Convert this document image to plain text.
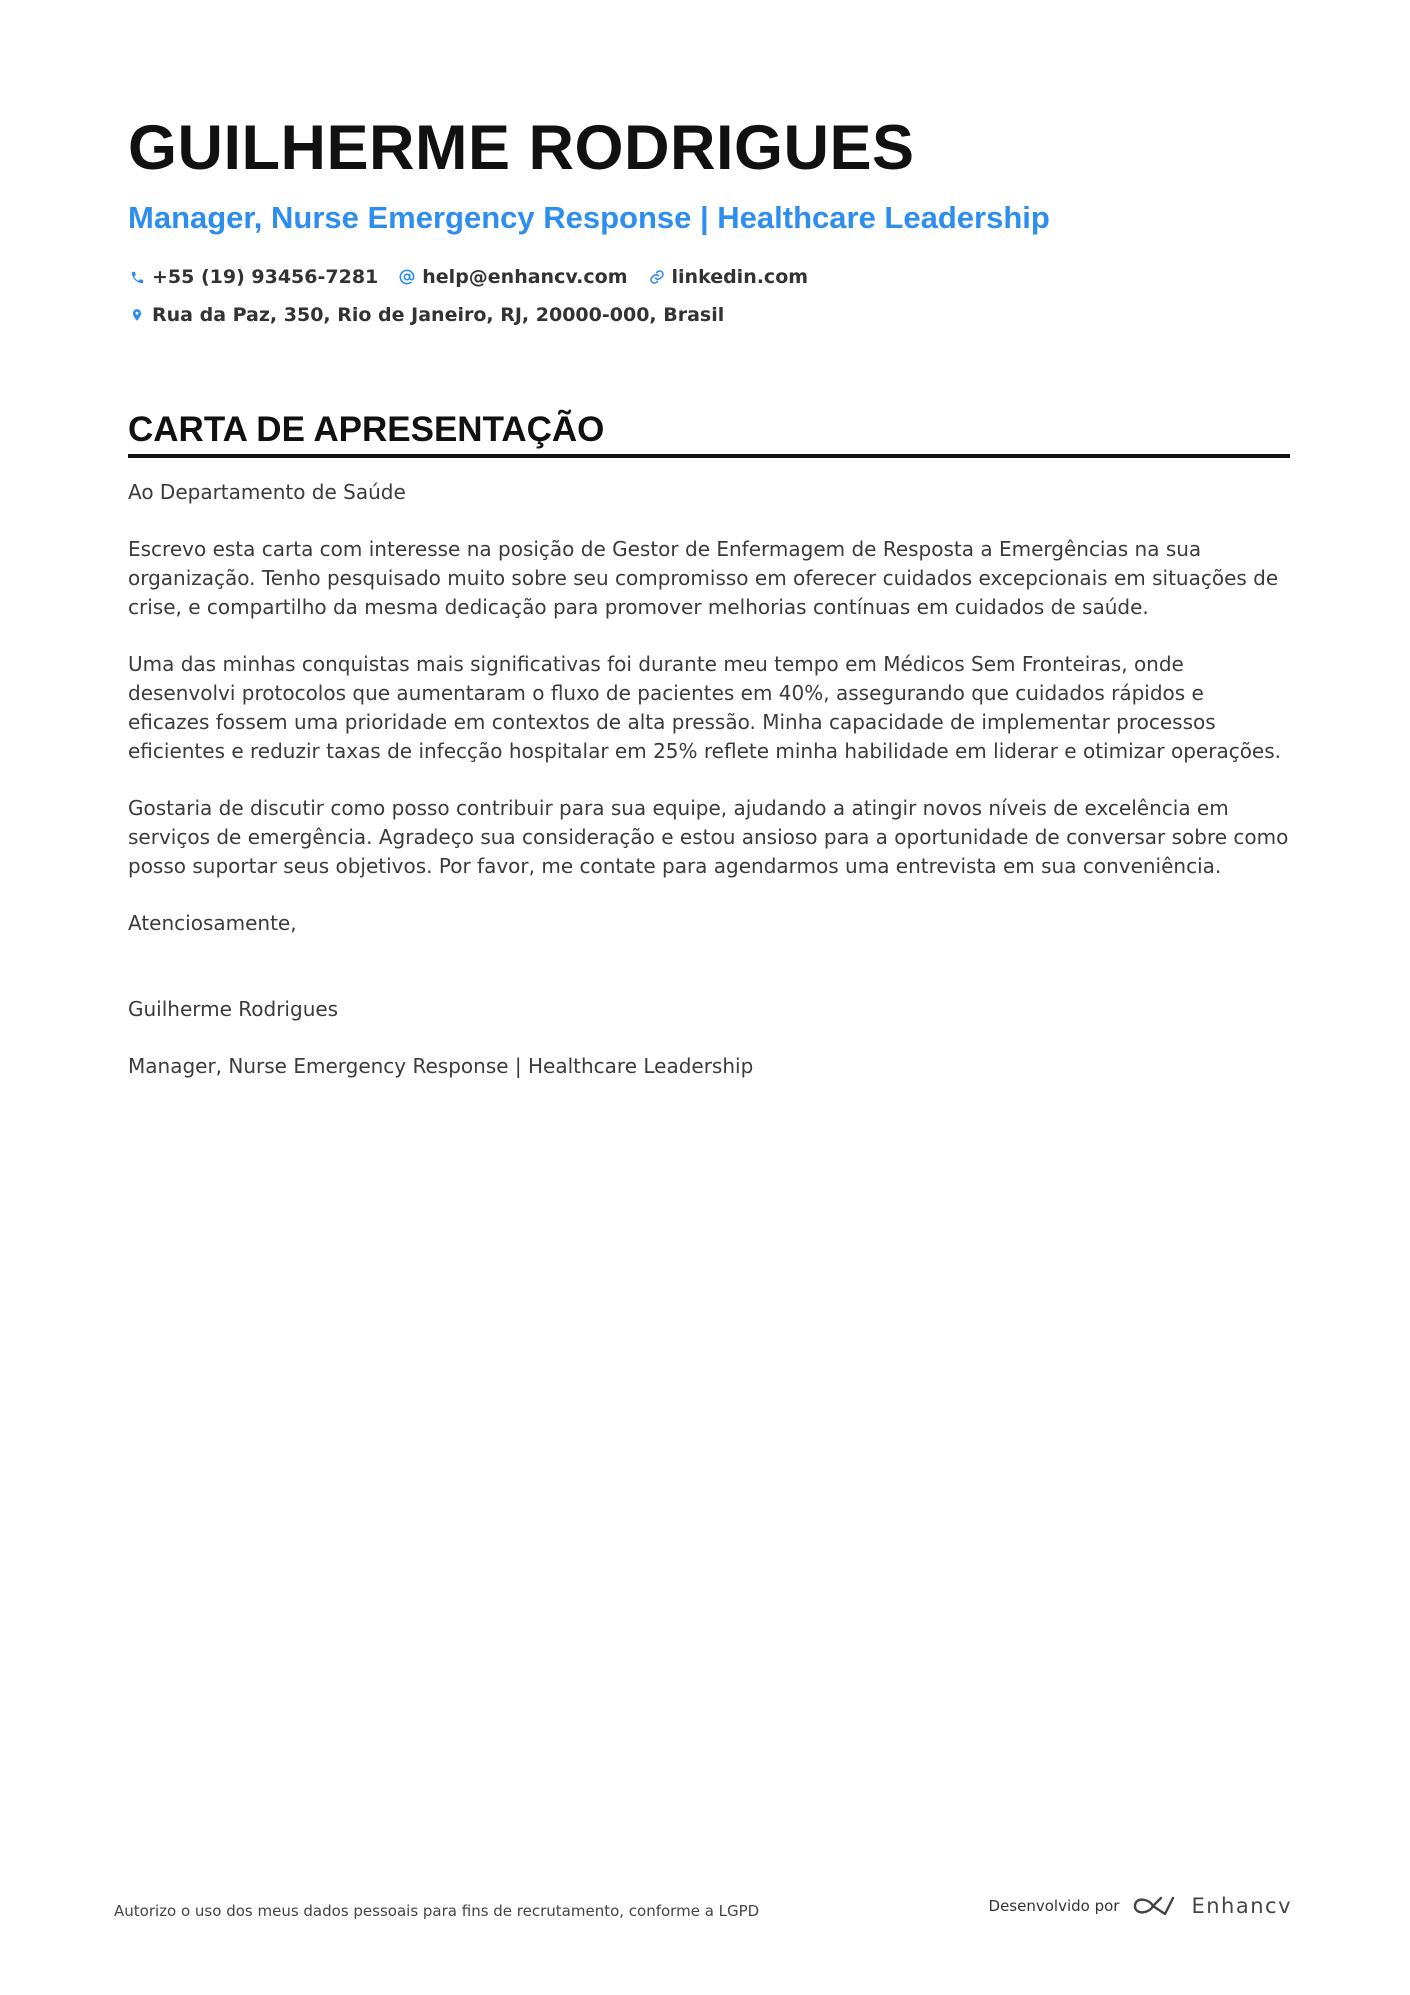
GUILHERME RODRIGUES
Manager, Nurse Emergency Response | Healthcare Leadership
+55 (19) 93456-7281 help@enhancv.com linkedin.com
Rua da Paz, 350, Rio de Janeiro, RJ, 20000-000, Brasil
CARTA DE APRESENTAÇÃO

Ao Departamento de Saúde

Escrevo esta carta com interesse na posição de Gestor de Enfermagem de Resposta a Emergências na sua organização. Tenho pesquisado muito sobre seu compromisso em oferecer cuidados excepcionais em situações de crise, e compartilho da mesma dedicação para promover melhorias contínuas em cuidados de saúde.

Uma das minhas conquistas mais significativas foi durante meu tempo em Médicos Sem Fronteiras, onde desenvolvi protocolos que aumentaram o fluxo de pacientes em 40%, assegurando que cuidados rápidos e eficazes fossem uma prioridade em contextos de alta pressão. Minha capacidade de implementar processos eficientes e reduzir taxas de infecção hospitalar em 25% reflete minha habilidade em liderar e otimizar operações.

Gostaria de discutir como posso contribuir para sua equipe, ajudando a atingir novos níveis de excelência em serviços de emergência. Agradeço sua consideração e estou ansioso para a oportunidade de conversar sobre como posso suportar seus objetivos. Por favor, me contate para agendarmos uma entrevista em sua conveniência.

Atenciosamente,

Guilherme Rodrigues

Manager, Nurse Emergency Response | Healthcare Leadership

Autorizo o uso dos meus dados pessoais para fins de recrutamento, conforme a LGPD	Desenvolvido por	Enhancv
